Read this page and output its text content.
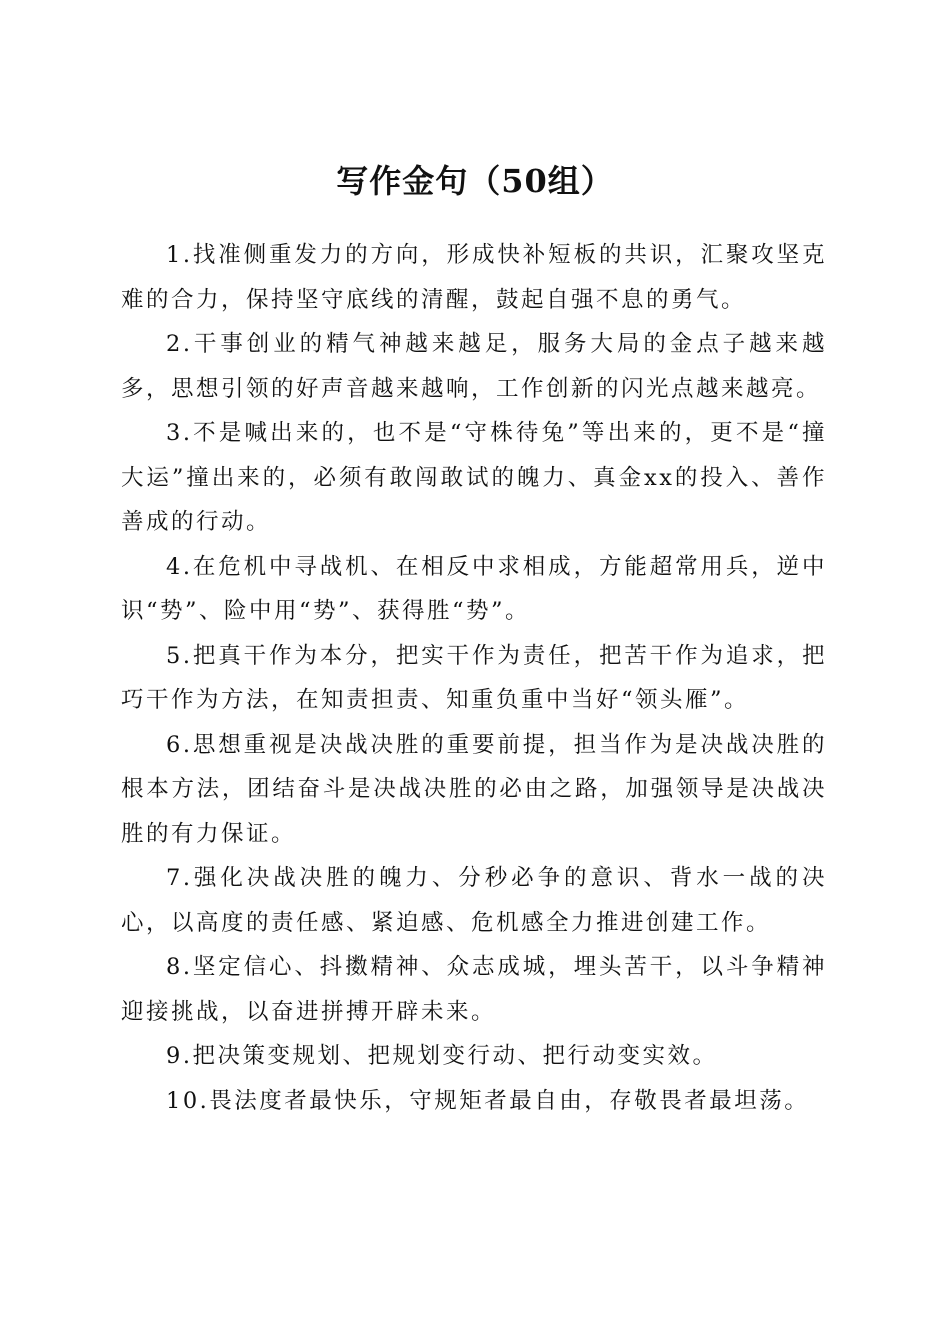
写作金句（50组）

1.找准侧重发力的方向，形成快补短板的共识，汇聚攻坚克难的合力，保持坚守底线的清醒，鼓起自强不息的勇气。

2.干事创业的精气神越来越足，服务大局的金点子越来越多，思想引领的好声音越来越响，工作创新的闪光点越来越亮。

3.不是喊出来的，也不是“守株待兔”等出来的，更不是“撞大运”撞出来的，必须有敢闯敢试的魄力、真金xx的投入、善作善成的行动。

4.在危机中寻战机、在相反中求相成，方能超常用兵，逆中识“势”、险中用“势”、获得胜“势”。

5.把真干作为本分，把实干作为责任，把苦干作为追求，把巧干作为方法，在知责担责、知重负重中当好“领头雁”。

6.思想重视是决战决胜的重要前提，担当作为是决战决胜的根本方法，团结奋斗是决战决胜的必由之路，加强领导是决战决胜的有力保证。

7.强化决战决胜的魄力、分秒必争的意识、背水一战的决心，以高度的责任感、紧迫感、危机感全力推进创建工作。

8.坚定信心、抖擞精神、众志成城，埋头苦干，以斗争精神迎接挑战，以奋进拼搏开辟未来。

9.把决策变规划、把规划变行动、把行动变实效。

10.畏法度者最快乐，守规矩者最自由，存敬畏者最坦荡。
